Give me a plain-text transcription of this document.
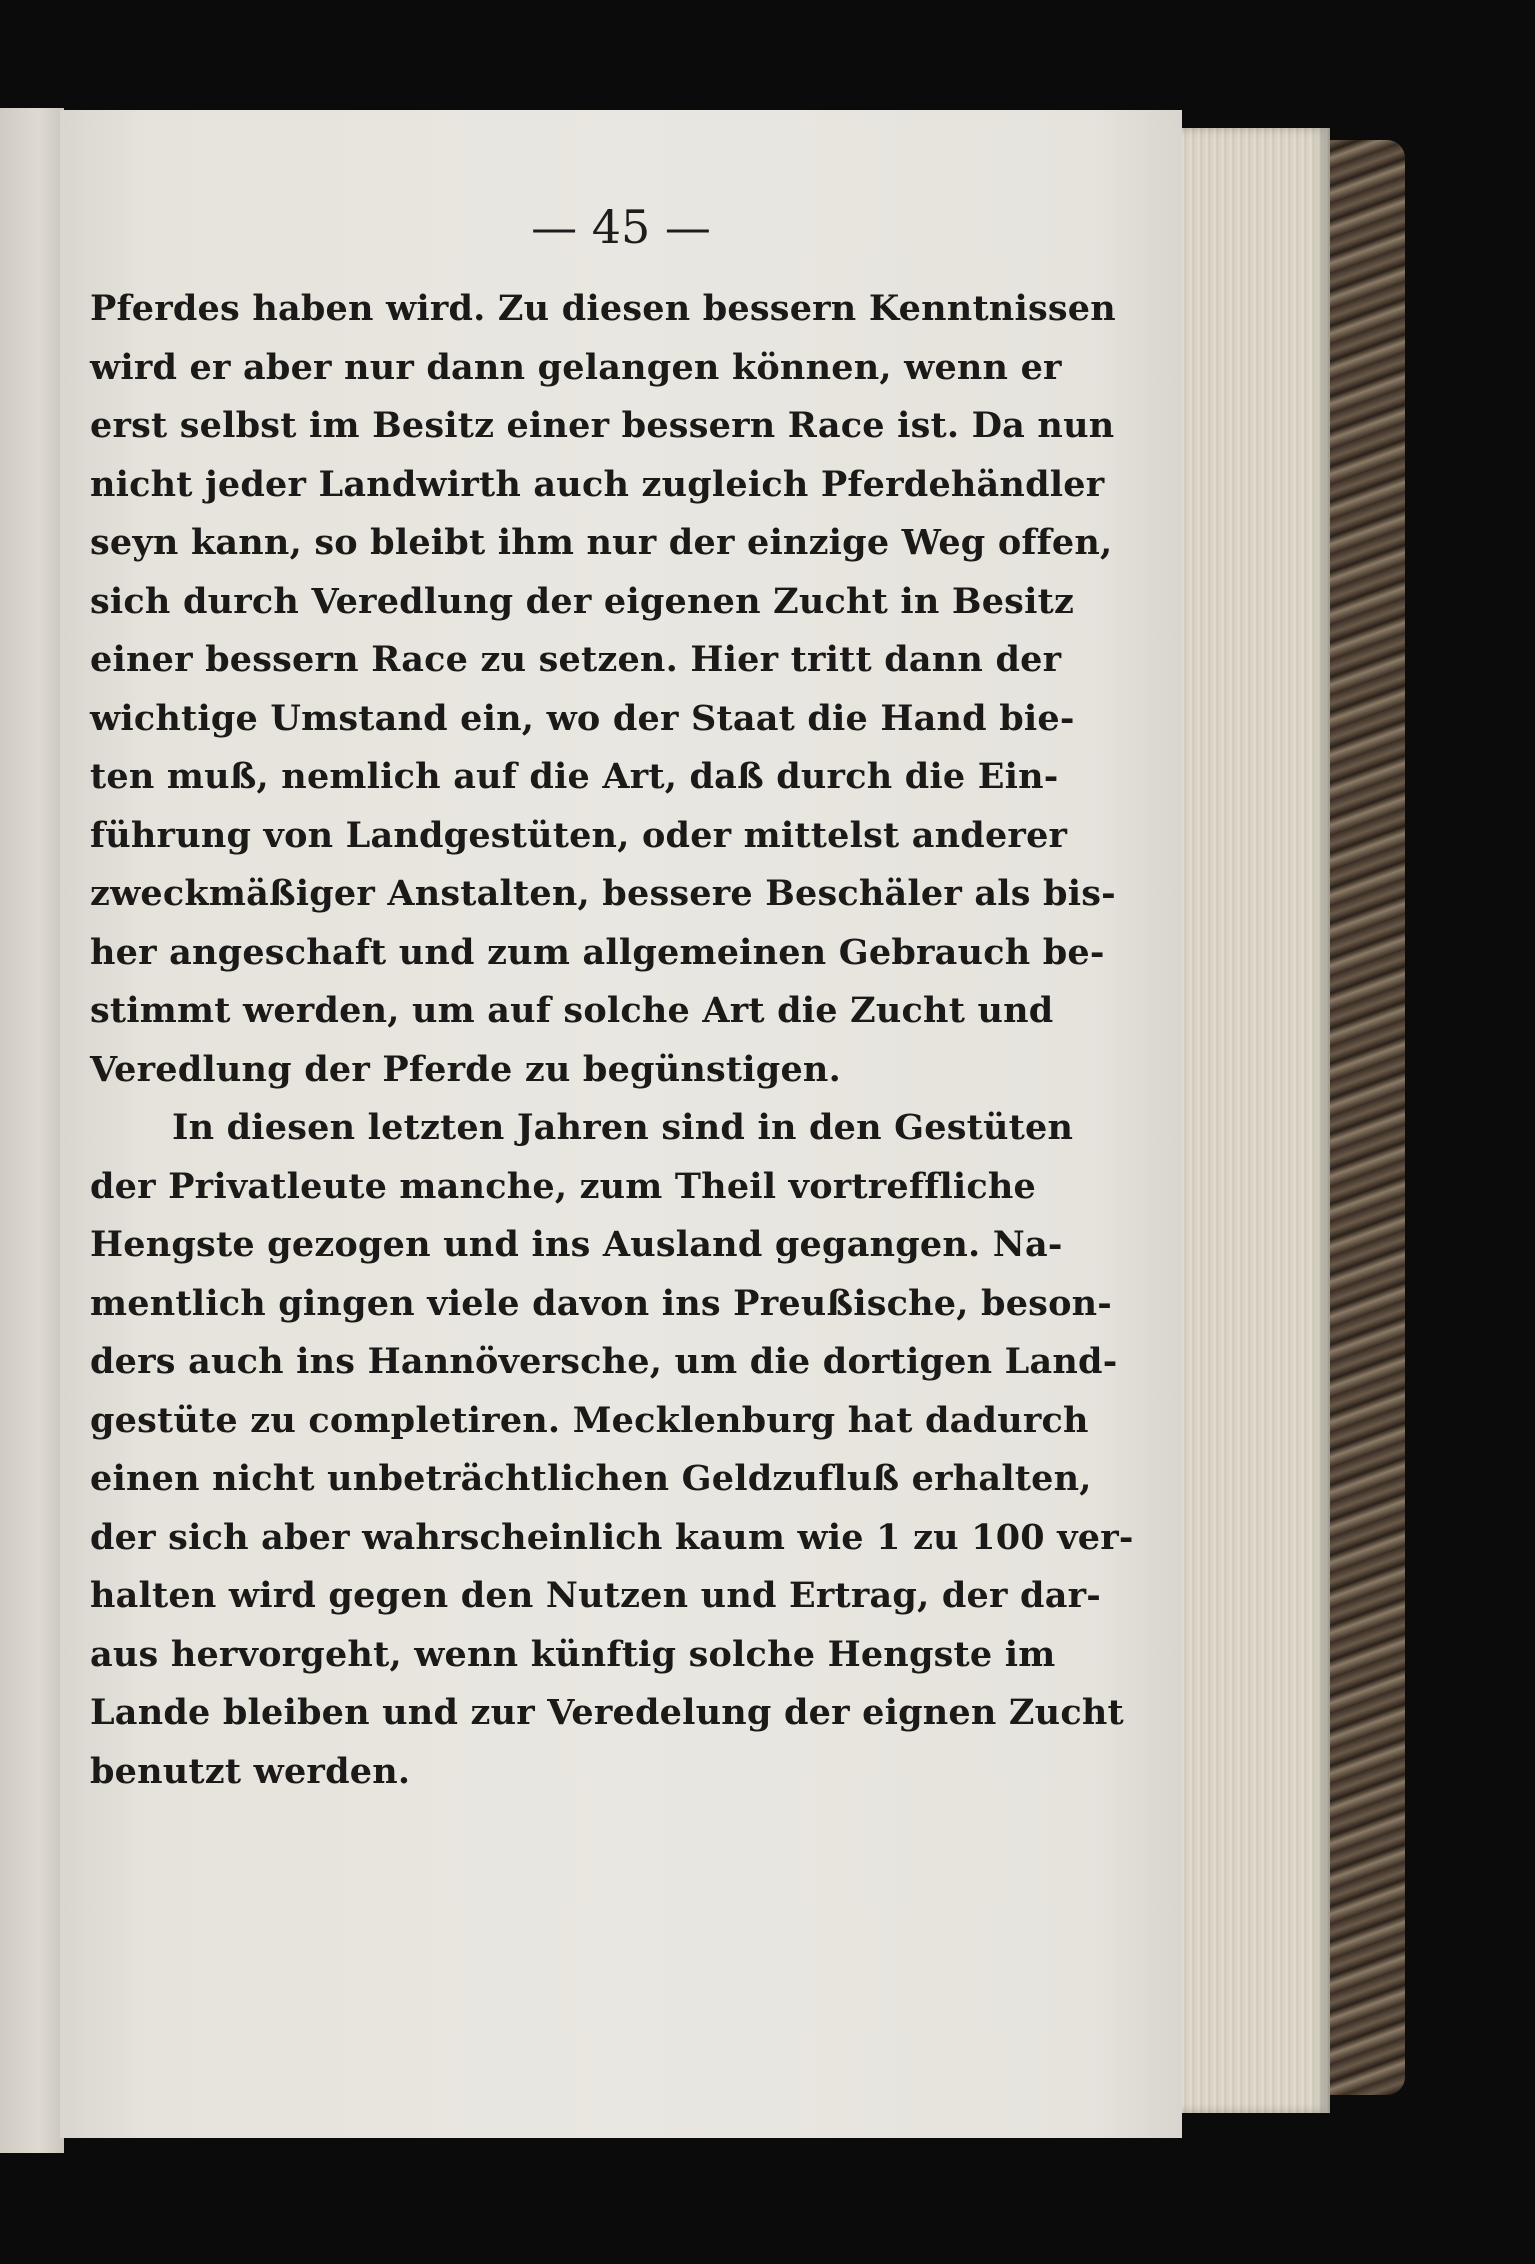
— 45 —
Pferdes haben wird. Zu diesen bessern Kenntnissen
wird er aber nur dann gelangen können, wenn er
erst selbst im Besitz einer bessern Race ist. Da nun
nicht jeder Landwirth auch zugleich Pferdehändler
seyn kann, so bleibt ihm nur der einzige Weg offen,
sich durch Veredlung der eigenen Zucht in Besitz
einer bessern Race zu setzen. Hier tritt dann der
wichtige Umstand ein, wo der Staat die Hand bie-
ten muß, nemlich auf die Art, daß durch die Ein-
führung von Landgestüten, oder mittelst anderer
zweckmäßiger Anstalten, bessere Beschäler als bis-
her angeschaft und zum allgemeinen Gebrauch be-
stimmt werden, um auf solche Art die Zucht und
Veredlung der Pferde zu begünstigen.
In diesen letzten Jahren sind in den Gestüten
der Privatleute manche, zum Theil vortreffliche
Hengste gezogen und ins Ausland gegangen. Na-
mentlich gingen viele davon ins Preußische, beson-
ders auch ins Hannöversche, um die dortigen Land-
gestüte zu completiren. Mecklenburg hat dadurch
einen nicht unbeträchtlichen Geldzufluß erhalten,
der sich aber wahrscheinlich kaum wie 1 zu 100 ver-
halten wird gegen den Nutzen und Ertrag, der dar-
aus hervorgeht, wenn künftig solche Hengste im
Lande bleiben und zur Veredelung der eignen Zucht
benutzt werden.
